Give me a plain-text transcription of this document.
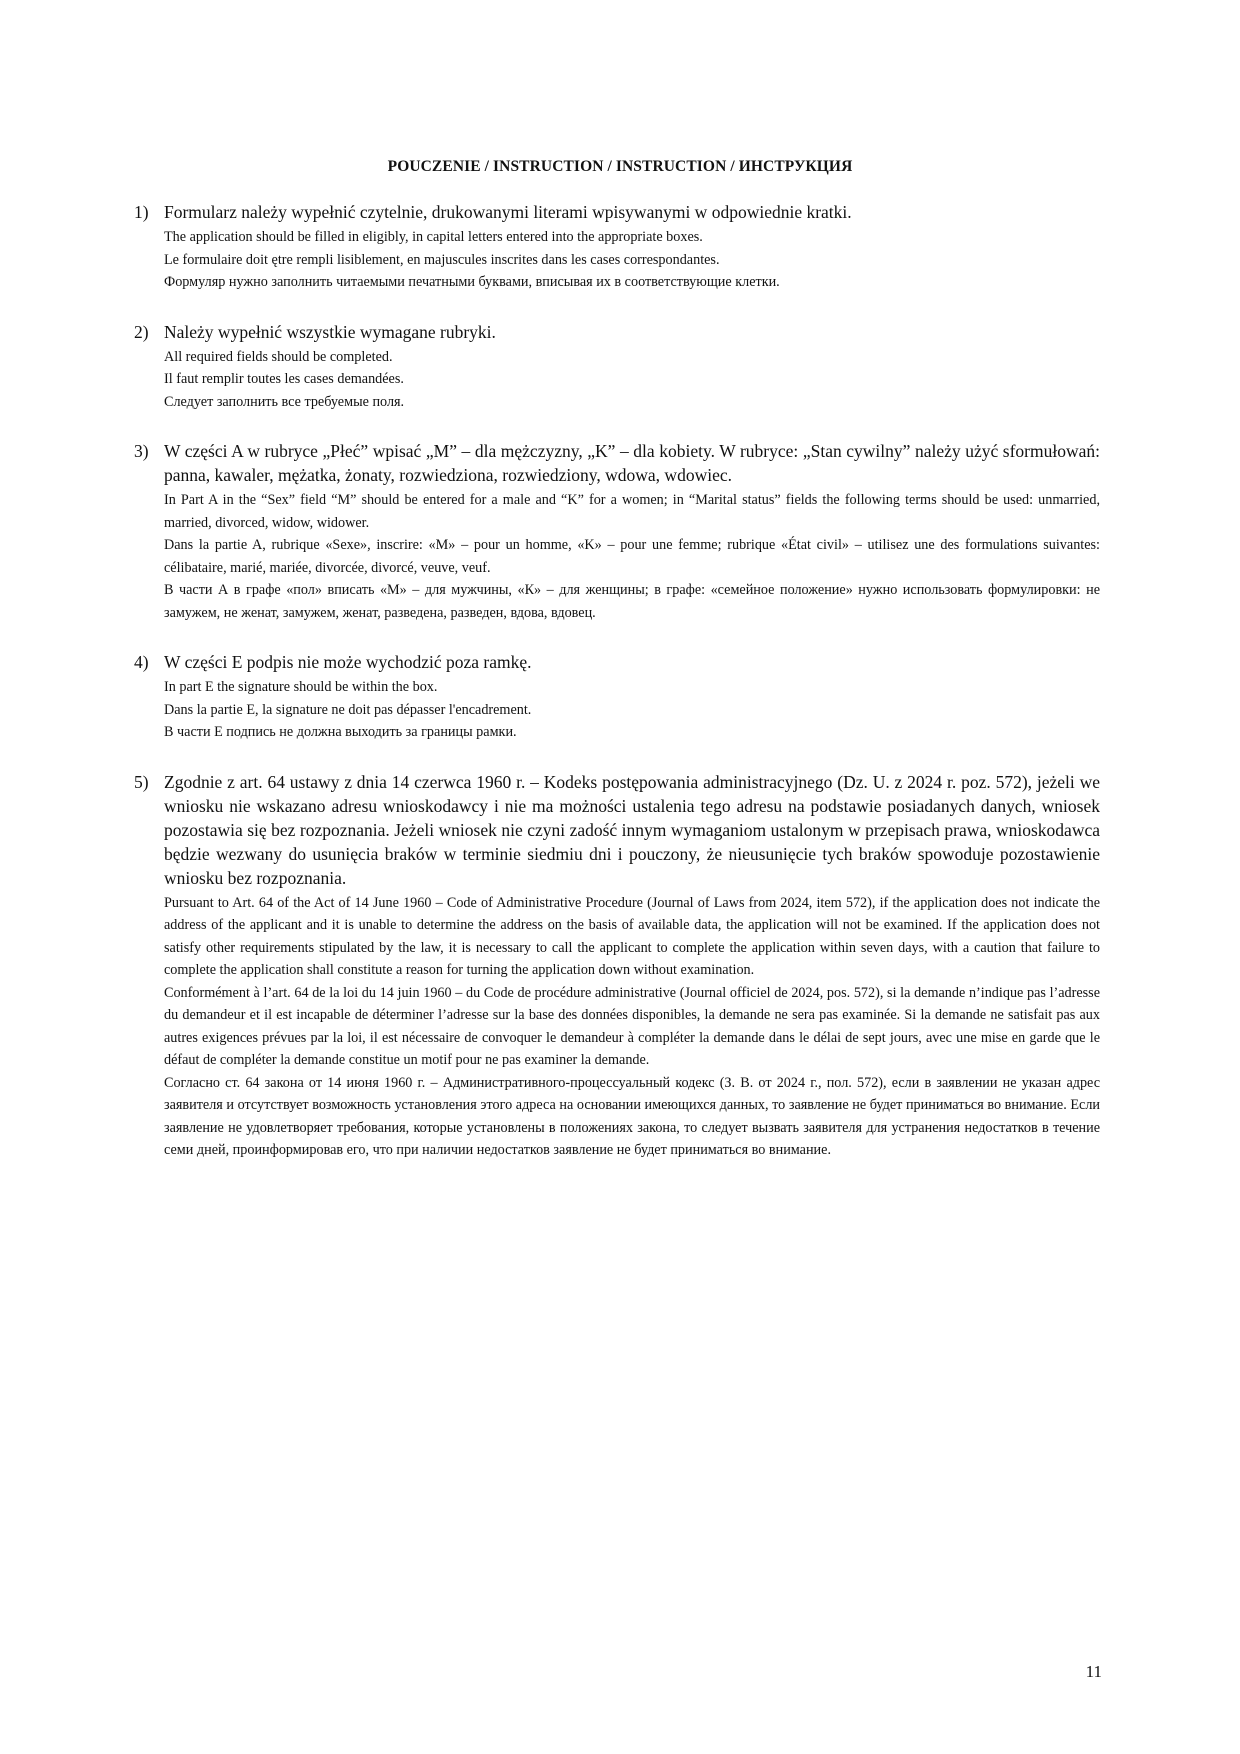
POUCZENIE / INSTRUCTION / INSTRUCTION / ИНСТРУКЦИЯ
1) Formularz należy wypełnić czytelnie, drukowanymi literami wpisywanymi w odpowiednie kratki.
The application should be filled in eligibly, in capital letters entered into the appropriate boxes.
Le formulaire doit ętre rempli lisiblement, en majuscules inscrites dans les cases correspondantes.
Формуляр нужно заполнить читаемыми печатными буквами, вписывая их в соответствующие клетки.
2) Należy wypełnić wszystkie wymagane rubryki.
All required fields should be completed.
Il faut remplir toutes les cases demandées.
Следует заполнить все требуемые поля.
3) W części A w rubryce „Płeć” wpisać „M” – dla mężczyzny, „K” – dla kobiety. W rubryce: „Stan cywilny” należy użyć sformułowań: panna, kawaler, mężatka, żonaty, rozwiedziona, rozwiedziony, wdowa, wdowiec.
In Part A in the “Sex” field “M” should be entered for a male and “K” for a women; in “Marital status” fields the following terms should be used: unmarried, married, divorced, widow, widower.
Dans la partie A, rubrique «Sexe», inscrire: «M» – pour un homme, «K» – pour une femme; rubrique «État civil» – utilisez une des formulations suivantes: célibataire, marié, mariée, divorcée, divorcé, veuve, veuf.
В части А в графе «пол» вписать «М» – для мужчины, «К» – для женщины; в графе: «семейное положение» нужно использовать формулировки: не замужем, не женат, замужем, женат, разведена, разведен, вдова, вдовец.
4) W części E podpis nie może wychodzić poza ramkę.
In part E the signature should be within the box.
Dans la partie E, la signature ne doit pas dépasser l'encadrement.
В части Е подпись не должна выходить за границы рамки.
5) Zgodnie z art. 64 ustawy z dnia 14 czerwca 1960 r. – Kodeks postępowania administracyjnego (Dz. U. z 2024 r. poz. 572), jeżeli we wniosku nie wskazano adresu wnioskodawcy i nie ma możności ustalenia tego adresu na podstawie posiadanych danych, wniosek pozostawia się bez rozpoznania. Jeżeli wniosek nie czyni zadość innym wymaganiom ustalonym w przepisach prawa, wnioskodawca będzie wezwany do usunięcia braków w terminie siedmiu dni i pouczony, że nieusunięcie tych braków spowoduje pozostawienie wniosku bez rozpoznania.
Pursuant to Art. 64 of the Act of 14 June 1960 – Code of Administrative Procedure (Journal of Laws from 2024, item 572), if the application does not indicate the address of the applicant and it is unable to determine the address on the basis of available data, the application will not be examined. If the application does not satisfy other requirements stipulated by the law, it is necessary to call the applicant to complete the application within seven days, with a caution that failure to complete the application shall constitute a reason for turning the application down without examination.
Conformément à l’art. 64 de la loi du 14 juin 1960 – du Code de procédure administrative (Journal officiel de 2024, pos. 572), si la demande n’indique pas l’adresse du demandeur et il est incapable de déterminer l’adresse sur la base des données disponibles, la demande ne sera pas examinée. Si la demande ne satisfait pas aux autres exigences prévues par la loi, il est nécessaire de convoquer le demandeur à compléter la demande dans le délai de sept jours, avec une mise en garde que le défaut de compléter la demande constitue un motif pour ne pas examiner la demande.
Согласно ст. 64 закона от 14 июня 1960 г. – Административного-процессуальный кодекс (З. В. от 2024 г., пол. 572), если в заявлении не указан адрес заявителя и отсутствует возможность установления этого адреса на основании имеющихся данных, то заявление не будет приниматься во внимание. Если заявление не удовлетворяет требования, которые установлены в положениях закона, то следует вызвать заявителя для устранения недостатков в течение семи дней, проинформировав его, что при наличии недостатков заявление не будет приниматься во внимание.
11
